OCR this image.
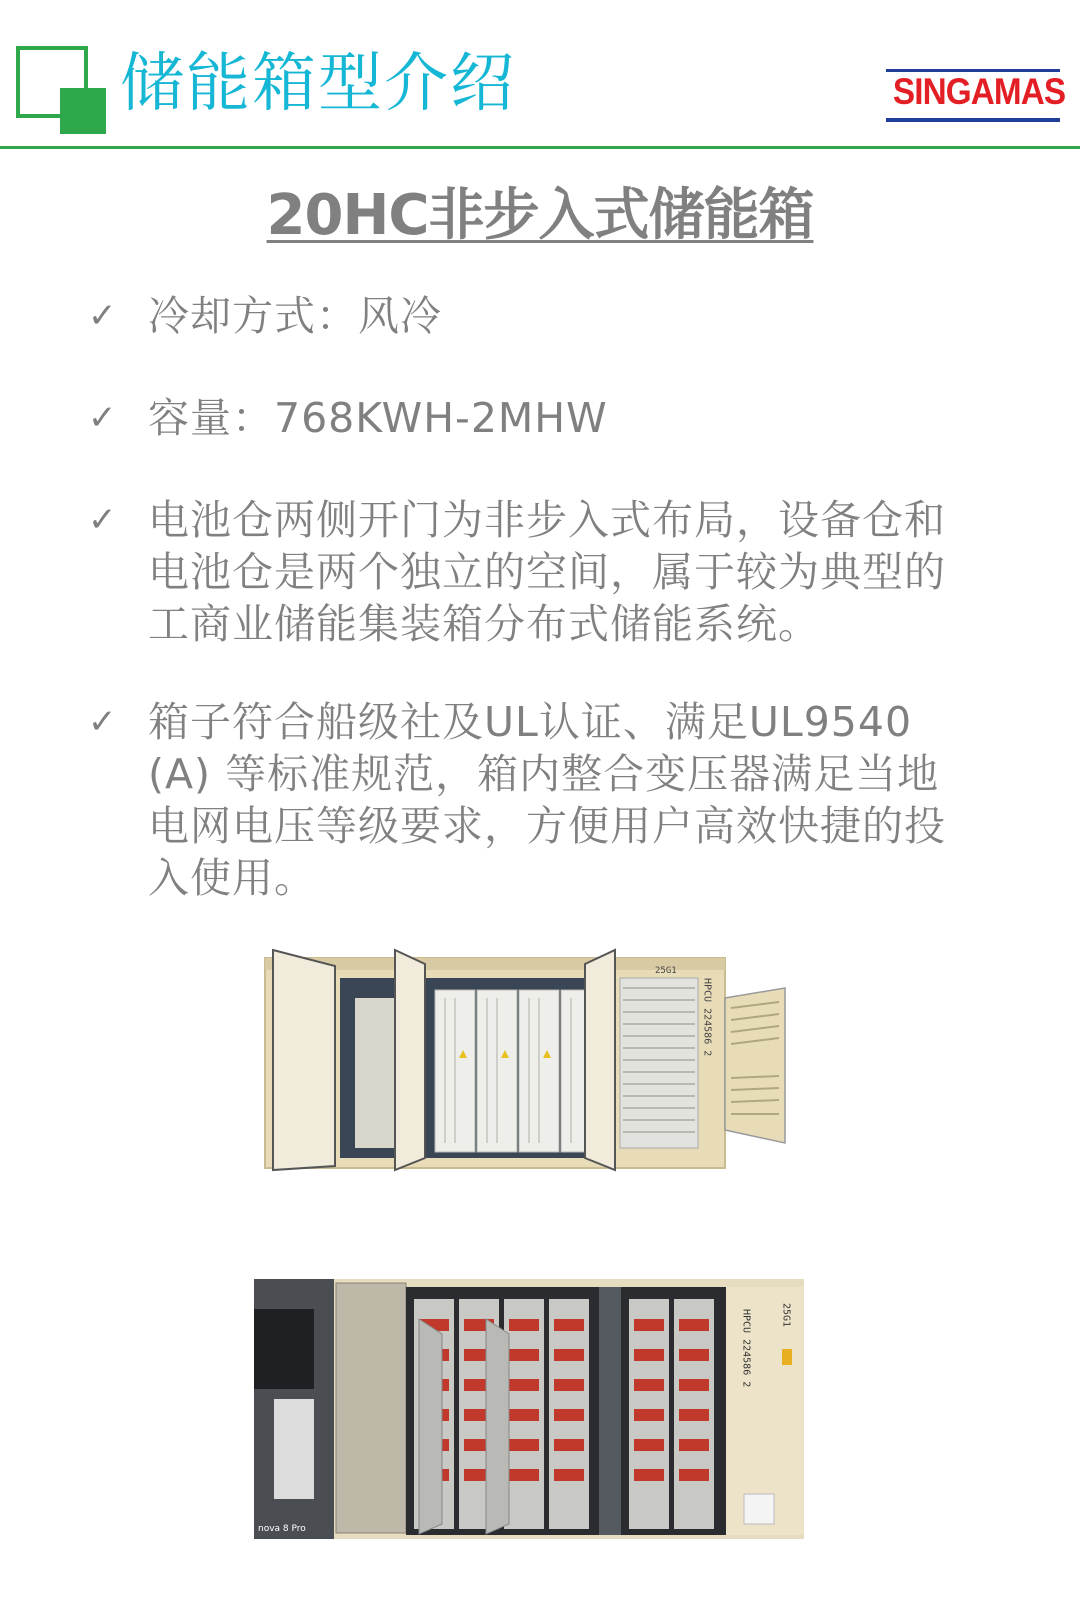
储能箱型介绍	SINGAMAS
20HC非步入式储能箱
✓ 冷却方式：风冷
✓ 容量：768KWH-2MHW
✓ 电池仓两侧开门为非步入式布局，设备仓和电池仓是两个独立的空间，属于较为典型的工商业储能集装箱分布式储能系统。
✓ 箱子符合船级社及UL认证、满足UL9540 (A) 等标准规范，箱内整合变压器满足当地电网电压等级要求，方便用户高效快捷的投入使用。
25G1
HPCU 224586 2
HPCU 224586 2	25G1
nova 8 Pro
